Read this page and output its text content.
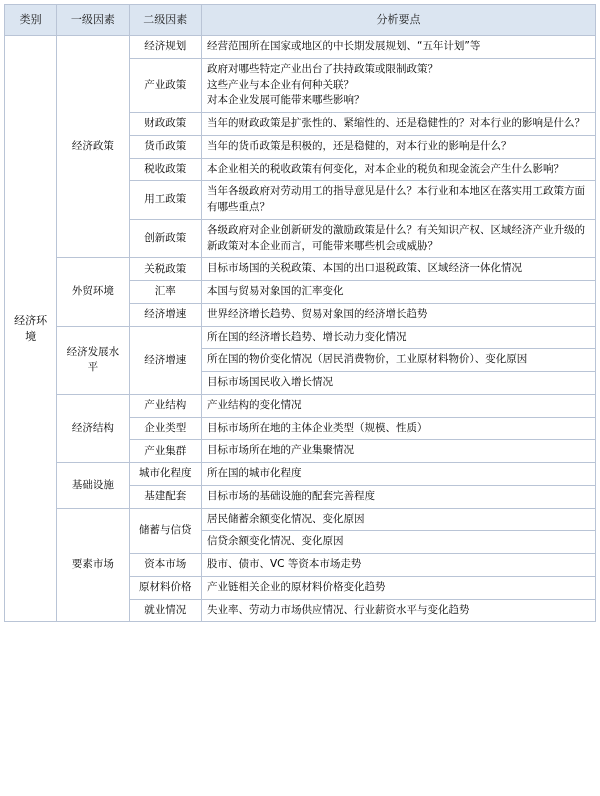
类别	一级因素	二级因素	分析要点
经济环境	经济政策	经济规划	经营范围所在国家或地区的中长期发展规划、“五年计划”等
		产业政策	政府对哪些特定产业出台了扶持政策或限制政策？
这些产业与本企业有何种关联？
对本企业发展可能带来哪些影响？
		财政政策	当年的财政政策是扩张性的、紧缩性的、还是稳健性的？对本行业的影响是什么？
		货币政策	当年的货币政策是积极的，还是稳健的，对本行业的影响是什么？
		税收政策	本企业相关的税收政策有何变化，对本企业的税负和现金流会产生什么影响？
		用工政策	当年各级政府对劳动用工的指导意见是什么？本行业和本地区在落实用工政策方面有哪些重点？
		创新政策	各级政府对企业创新研发的激励政策是什么？有关知识产权、区域经济产业升级的新政策对本企业而言，可能带来哪些机会或威胁？
	外贸环境	关税政策	目标市场国的关税政策、本国的出口退税政策、区域经济一体化情况
		汇率	本国与贸易对象国的汇率变化
		经济增速	世界经济增长趋势、贸易对象国的经济增长趋势
	经济发展水平	经济增速	所在国的经济增长趋势、增长动力变化情况
			所在国的物价变化情况（居民消费物价，工业原材料物价）、变化原因
			目标市场国民收入增长情况
	经济结构	产业结构	产业结构的变化情况
		企业类型	目标市场所在地的主体企业类型（规模、性质）
		产业集群	目标市场所在地的产业集聚情况
	基础设施	城市化程度	所在国的城市化程度
		基建配套	目标市场的基础设施的配套完善程度
	要素市场	储蓄与信贷	居民储蓄余额变化情况、变化原因
			信贷余额变化情况、变化原因
		资本市场	股市、债市、VC 等资本市场走势
		原材料价格	产业链相关企业的原材料价格变化趋势
		就业情况	失业率、劳动力市场供应情况、行业薪资水平与变化趋势
